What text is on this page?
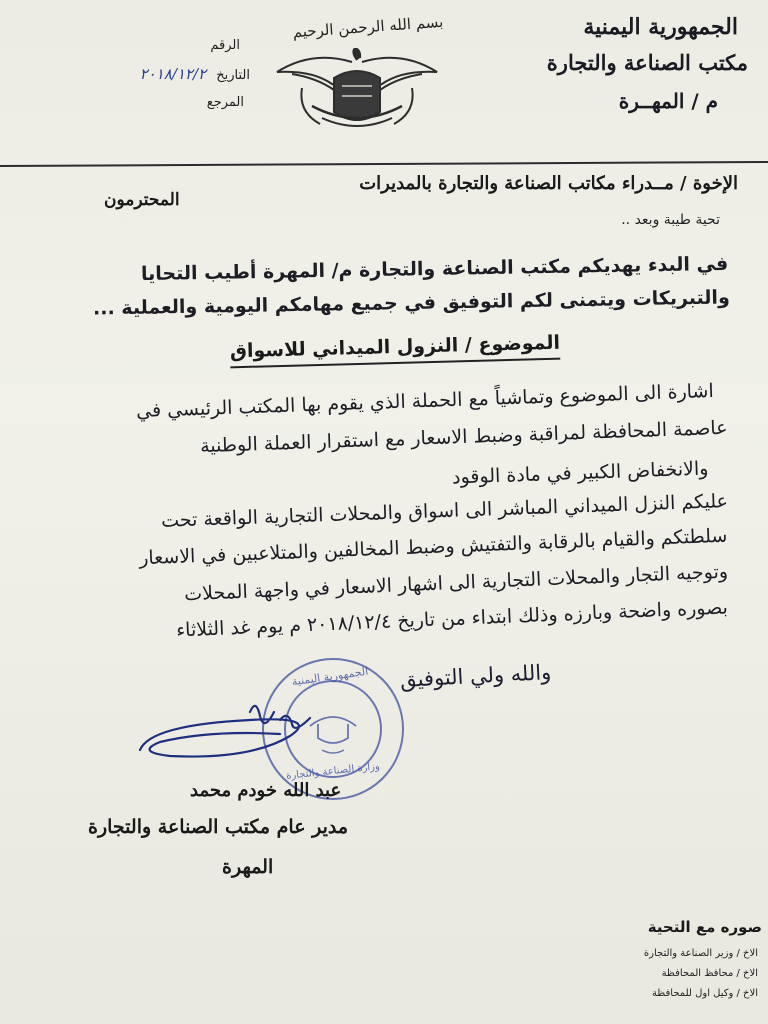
الجمهورية اليمنية
مكتب الصناعة والتجارة
م / المهــرة
بسم الله الرحمن الرحيم
الرقم
التاريخ ٢٠١٨/١٢/٢
المرجع
الإخوة / مــدراء مكاتب الصناعة والتجارة بالمديرات
المحترمون
تحية طيبة وبعد ..
في البدء يهديكم مكتب الصناعة والتجارة م/ المهرة أطيب التحايا
والتبريكات ويتمنى لكم التوفيق في جميع مهامكم اليومية والعملية ...
الموضوع / النزول الميداني للاسواق
اشارة الى الموضوع وتماشياً مع الحملة الذي يقوم بها المكتب الرئيسي في
عاصمة المحافظة لمراقبة وضبط الاسعار مع استقرار العملة الوطنية
والانخفاض الكبير في مادة الوقود
عليكم النزل الميداني المباشر الى اسواق والمحلات التجارية الواقعة تحت
سلطتكم والقيام بالرقابة والتفتيش وضبط المخالفين والمتلاعبين في الاسعار
وتوجيه التجار والمحلات التجارية الى اشهار الاسعار في واجهة المحلات
بصوره واضحة وبارزه وذلك ابتداء من تاريخ ٢٠١٨/١٢/٤ م يوم غد الثلاثاء
والله ولي التوفيق
الجمهورية اليمنية
وزارة الصناعة والتجارة
عبد الله خودم محمد
مدير عام مكتب الصناعة والتجارة
المهرة
صوره مع التحية
الاخ / وزير الصناعة والتجارة
الاخ / محافظ المحافظة
الاخ / وكيل اول للمحافظة
